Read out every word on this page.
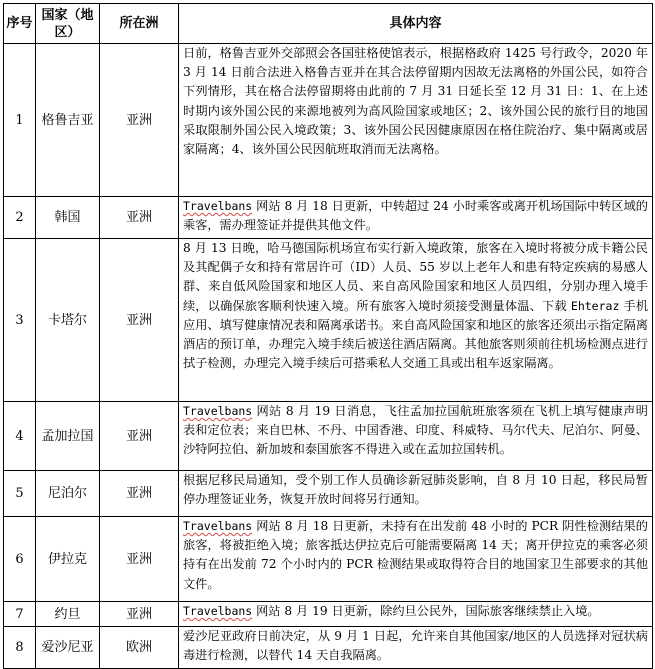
序号	国家（地区）	所在洲	具体内容
1	格鲁吉亚	亚洲	日前，格鲁吉亚外交部照会各国驻格使馆表示，根据格政府 1425 号行政令，2020 年 3 月 14 日前合法进入格鲁吉亚并在其合法停留期内因故无法离格的外国公民，如符合下列情形，其在格合法停留期将由此前的 7 月 31 日延长至 12 月 31 日：1、在上述时期内该外国公民的来源地被列为高风险国家或地区；2、该外国公民的旅行目的地国采取限制外国公民入境政策；3、该外国公民因健康原因在格住院治疗、集中隔离或居家隔离；4、该外国公民因航班取消而无法离格。
2	韩国	亚洲	Travelbans 网站 8 月 18 日更新，中转超过 24 小时乘客或离开机场国际中转区域的乘客，需办理签证并提供其他文件。
3	卡塔尔	亚洲	8 月 13 日晚，哈马德国际机场宣布实行新入境政策，旅客在入境时将被分成卡籍公民及其配偶子女和持有常居许可（ID）人员、55 岁以上老年人和患有特定疾病的易感人群、来自低风险国家和地区人员、来自高风险国家和地区人员四组，分别办理入境手续，以确保旅客顺利快速入境。所有旅客入境时须接受测量体温、下载 Ehteraz 手机应用、填写健康情况表和隔离承诺书。来自高风险国家和地区的旅客还须出示指定隔离酒店的预订单，办理完入境手续后被送往酒店隔离。其他旅客则须前往机场检测点进行拭子检测，办理完入境手续后可搭乘私人交通工具或出租车返家隔离。
4	孟加拉国	亚洲	Travelbans 网站 8 月 19 日消息，飞往孟加拉国航班旅客须在飞机上填写健康声明表和定位表；来自巴林、不丹、中国香港、印度、科威特、马尔代夫、尼泊尔、阿曼、沙特阿拉伯、新加坡和泰国旅客不得进入或在孟加拉国转机。
5	尼泊尔	亚洲	根据尼移民局通知，受个别工作人员确诊新冠肺炎影响，自 8 月 10 日起，移民局暂停办理签证业务，恢复开放时间将另行通知。
6	伊拉克	亚洲	Travelbans 网站 8 月 18 日更新，未持有在出发前 48 小时的 PCR 阴性检测结果的旅客，将被拒绝入境；旅客抵达伊拉克后可能需要隔离 14 天；离开伊拉克的乘客必须持有在出发前 72 个小时内的 PCR 检测结果或取得符合目的地国家卫生部要求的其他文件。
7	约旦	亚洲	Travelbans 网站 8 月 19 日更新，除约旦公民外，国际旅客继续禁止入境。
8	爱沙尼亚	欧洲	爱沙尼亚政府日前决定，从 9 月 1 日起，允许来自其他国家/地区的人员选择对冠状病毒进行检测，以替代 14 天自我隔离。
